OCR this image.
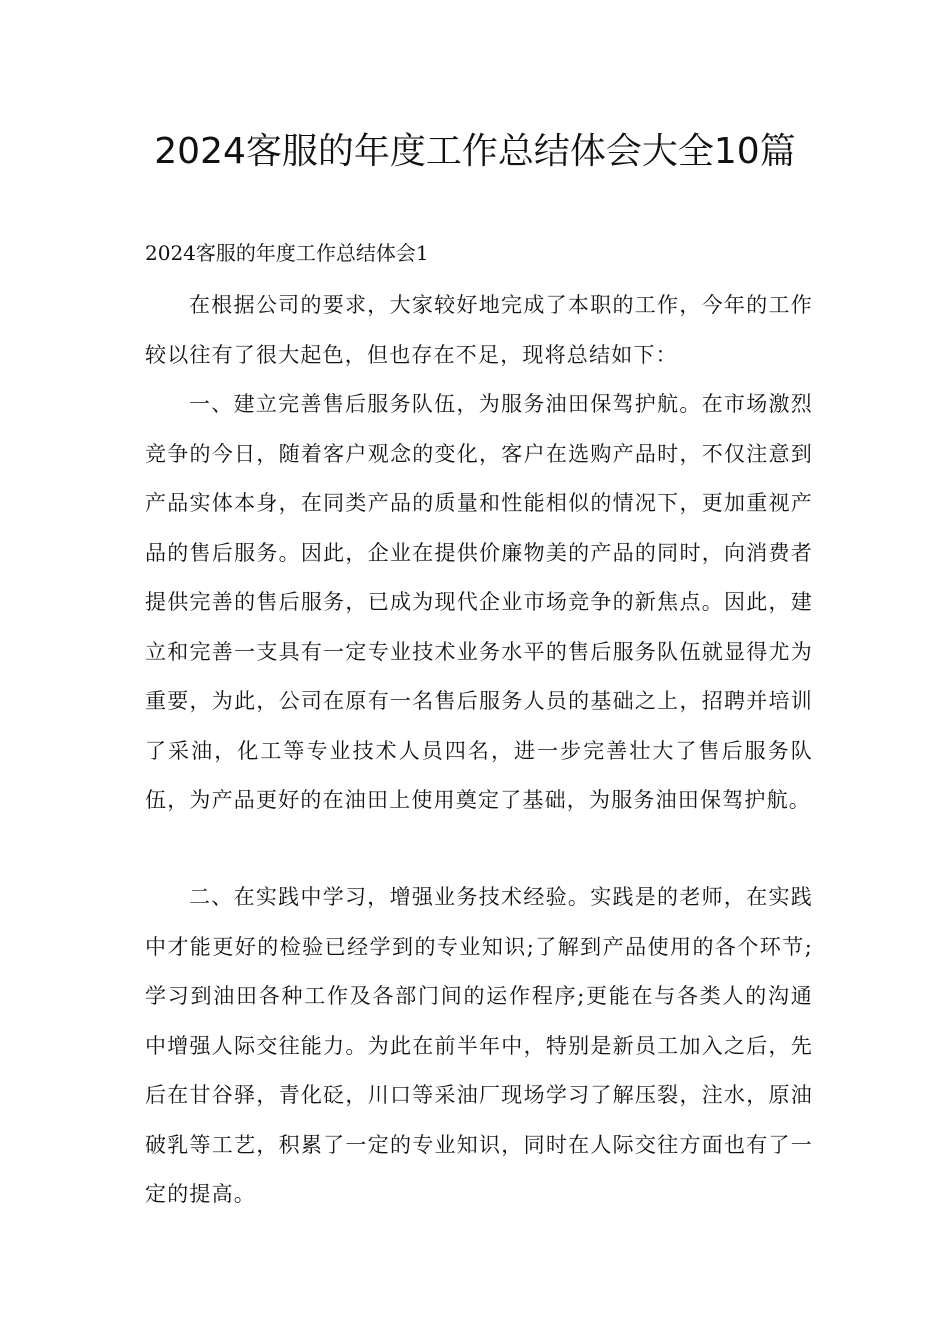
2024客服的年度工作总结体会大全10篇
2024客服的年度工作总结体会1

在根据公司的要求，大家较好地完成了本职的工作，今年的工作较以往有了很大起色，但也存在不足，现将总结如下：

一、建立完善售后服务队伍，为服务油田保驾护航。在市场激烈竞争的今日，随着客户观念的变化，客户在选购产品时，不仅注意到产品实体本身，在同类产品的质量和性能相似的情况下，更加重视产品的售后服务。因此，企业在提供价廉物美的产品的同时，向消费者提供完善的售后服务，已成为现代企业市场竞争的新焦点。因此，建立和完善一支具有一定专业技术业务水平的售后服务队伍就显得尤为重要，为此，公司在原有一名售后服务人员的基础之上，招聘并培训了采油，化工等专业技术人员四名，进一步完善壮大了售后服务队伍，为产品更好的在油田上使用奠定了基础，为服务油田保驾护航。

二、在实践中学习，增强业务技术经验。实践是的老师，在实践中才能更好的检验已经学到的专业知识;了解到产品使用的各个环节;学习到油田各种工作及各部门间的运作程序;更能在与各类人的沟通中增强人际交往能力。为此在前半年中，特别是新员工加入之后，先后在甘谷驿，青化砭，川口等采油厂现场学习了解压裂，注水，原油破乳等工艺，积累了一定的专业知识，同时在人际交往方面也有了一定的提高。
